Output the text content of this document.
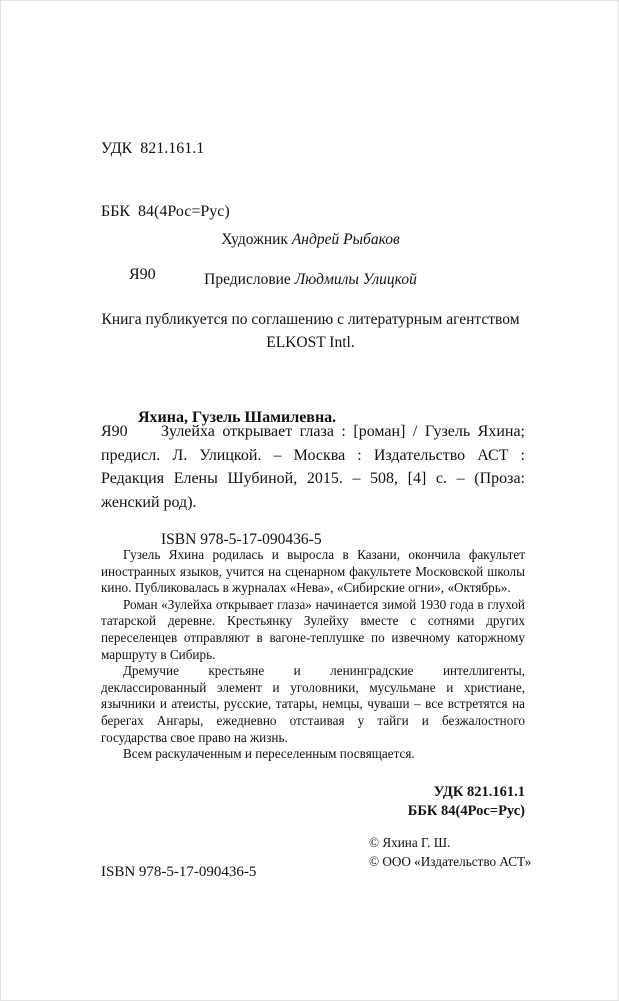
УДК  821.161.1

ББК  84(4Рос=Рус)

Я90

Художник Андрей Рыбаков
Предисловие Людмилы Улицкой

Книга публикуется по соглашению с литературным агентством

ELKOST Intl.

Яхина, Гузель Шамилевна.

Я90	Зулейха открывает глаза : [роман] / Гузель Яхина; предисл. Л. Улицкой. – Москва : Издательство АСТ : Редакция Елены Шубиной, 2015. – 508, [4] с. – (Проза: женский род).

ISBN 978-5-17-090436-5

Гузель Яхина родилась и выросла в Казани, окончила факультет иностранных языков, учится на сценарном факультете Московской школы кино. Публиковалась в журналах «Нева», «Сибирские огни», «Октябрь».

Роман «Зулейха открывает глаза» начинается зимой 1930 года в глухой татарской деревне. Крестьянку Зулейху вместе с сотнями других переселенцев отправляют в вагоне-теплушке по извечному каторжному маршруту в Сибирь.

Дремучие крестьяне и ленинградские интеллигенты, деклассированный элемент и уголовники, мусульмане и христиане, язычники и атеисты, русские, татары, немцы, чуваши – все встретятся на берегах Ангары, ежедневно отстаивая у тайги и безжалостного государства свое право на жизнь.

Всем раскулаченным и переселенным посвящается.

УДК 821.161.1

ББК 84(4Рос=Рус)

ISBN 978-5-17-090436-5

© Яхина Г. Ш.

© ООО «Издательство АСТ»
